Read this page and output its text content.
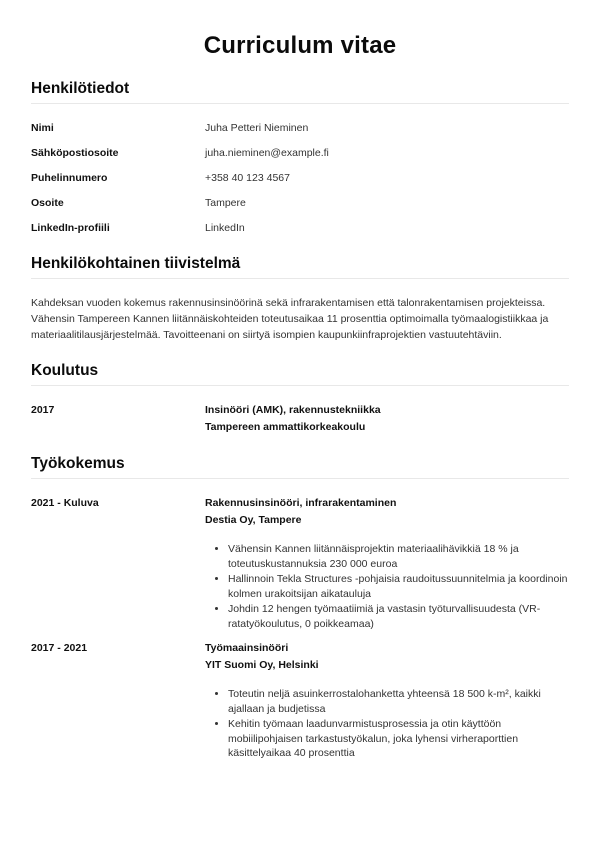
Curriculum vitae
Henkilötiedot
Nimi	Juha Petteri Nieminen
Sähköpostiosoite	juha.nieminen@example.fi
Puhelinnumero	+358 40 123 4567
Osoite	Tampere
LinkedIn-profiili	LinkedIn
Henkilökohtainen tiivistelmä

Kahdeksan vuoden kokemus rakennusinsinöörinä sekä infrarakentamisen että talonrakentamisen projekteissa. Vähensin Tampereen Kannen liitännäiskohteiden toteutusaikaa 11 prosenttia optimoimalla työmaalogistiikkaa ja materiaalitilausjärjestelmää. Tavoitteenani on siirtyä isompien kaupunkiinfraprojektien vastuutehtäviin.

Koulutus
2017	Insinööri (AMK), rakennustekniikka
Tampereen ammattikorkeakoulu
Työkokemus
2021 - Kuluva	Rakennusinsinööri, infrarakentaminen
Destia Oy, Tampere
• Vähensin Kannen liitännäisprojektin materiaalihävikkiä 18 % ja toteutuskustannuksia 230 000 euroa
• Hallinnoin Tekla Structures -pohjaisia raudoitussuunnitelmia ja koordinoin kolmen urakoitsijan aikatauluja
• Johdin 12 hengen työmaatiimiä ja vastasin työturvallisuudesta (VR-ratatyökoulutus, 0 poikkeamaa)
2017 - 2021	Työmaainsinööri
YIT Suomi Oy, Helsinki
• Toteutin neljä asuinkerrostalohanketta yhteensä 18 500 k-m², kaikki ajallaan ja budjetissa
• Kehitin työmaan laadunvarmistusprosessia ja otin käyttöön mobiilipohjaisen tarkastustyökalun, joka lyhensi virheraporttien käsittelyaikaa 40 prosenttia
